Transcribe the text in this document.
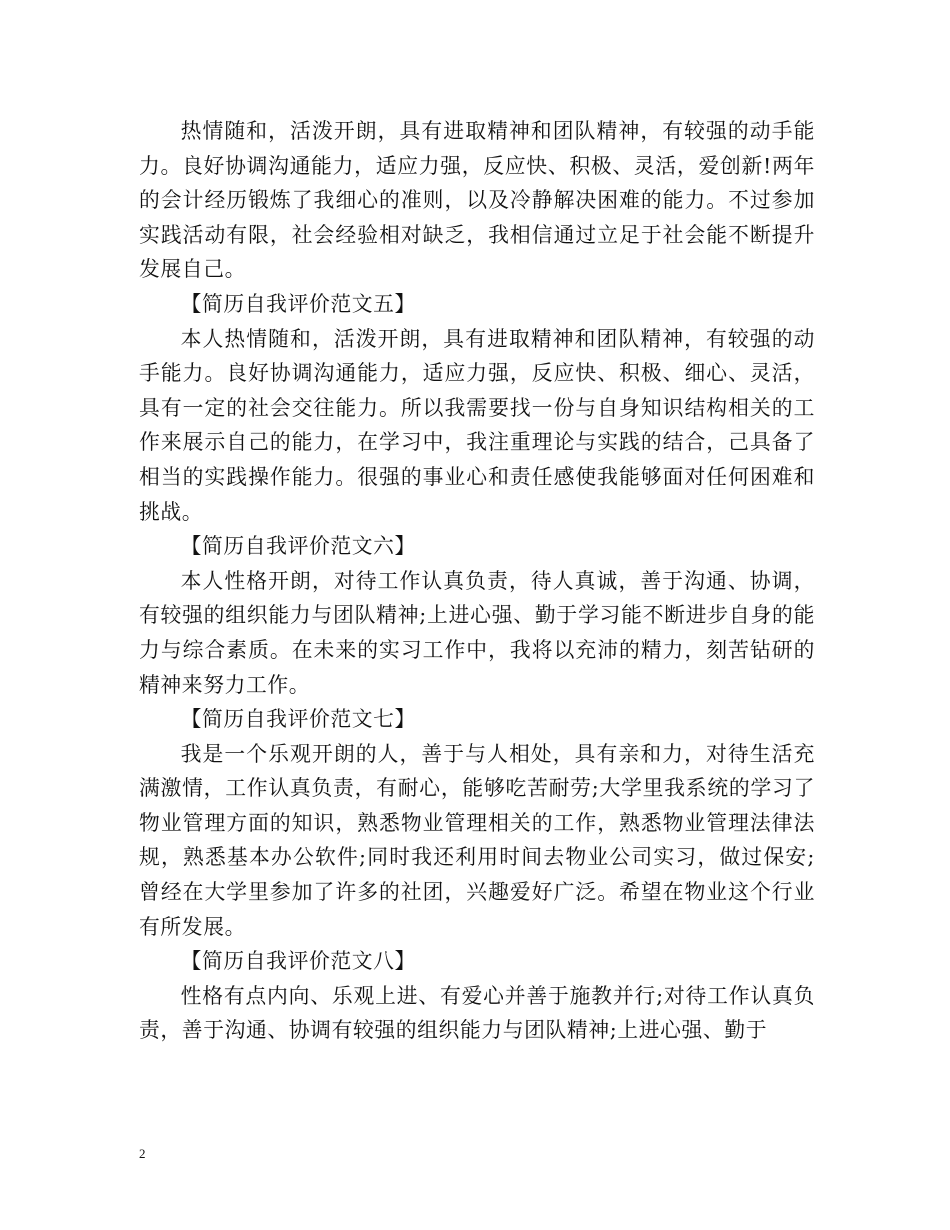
热情随和，活泼开朗，具有进取精神和团队精神，有较强的动手能力。良好协调沟通能力，适应力强，反应快、积极、灵活，爱创新!两年的会计经历锻炼了我细心的准则，以及冷静解决困难的能力。不过参加实践活动有限，社会经验相对缺乏，我相信通过立足于社会能不断提升发展自己。

【简历自我评价范文五】

本人热情随和，活泼开朗，具有进取精神和团队精神，有较强的动手能力。良好协调沟通能力，适应力强，反应快、积极、细心、灵活，具有一定的社会交往能力。所以我需要找一份与自身知识结构相关的工作来展示自己的能力，在学习中，我注重理论与实践的结合，己具备了相当的实践操作能力。很强的事业心和责任感使我能够面对任何困难和挑战。

【简历自我评价范文六】

本人性格开朗，对待工作认真负责，待人真诚，善于沟通、协调，有较强的组织能力与团队精神;上进心强、勤于学习能不断进步自身的能力与综合素质。在未来的实习工作中，我将以充沛的精力，刻苦钻研的精神来努力工作。

【简历自我评价范文七】

我是一个乐观开朗的人，善于与人相处，具有亲和力，对待生活充满激情，工作认真负责，有耐心，能够吃苦耐劳;大学里我系统的学习了物业管理方面的知识，熟悉物业管理相关的工作，熟悉物业管理法律法规，熟悉基本办公软件;同时我还利用时间去物业公司实习，做过保安;曾经在大学里参加了许多的社团，兴趣爱好广泛。希望在物业这个行业有所发展。

【简历自我评价范文八】

性格有点内向、乐观上进、有爱心并善于施教并行;对待工作认真负责，善于沟通、协调有较强的组织能力与团队精神;上进心强、勤于

2
